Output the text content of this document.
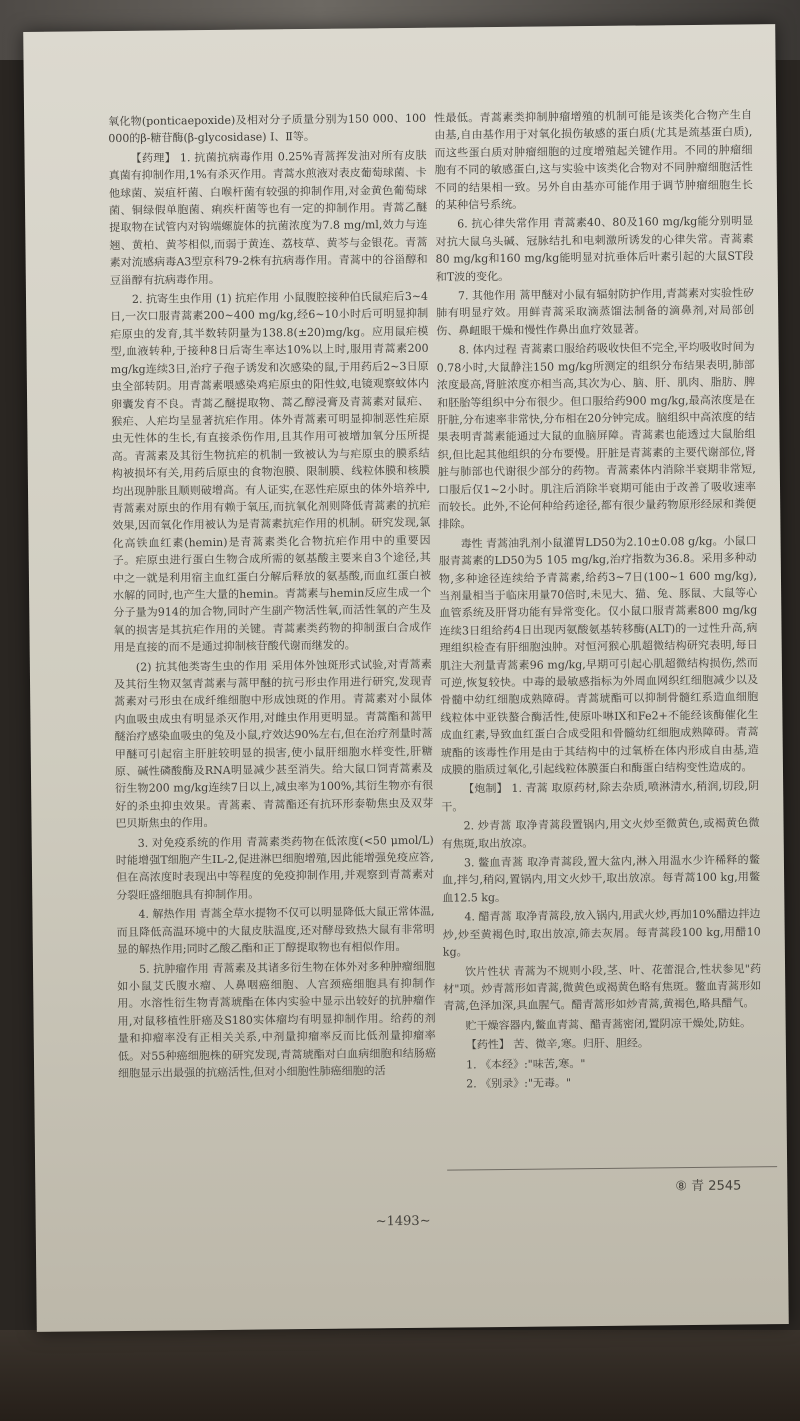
氧化物(ponticaepoxide)及相对分子质量分别为150 000、100 000的β-糖苷酶(β-glycosidase) Ⅰ、Ⅱ等。

【药理】 1. 抗菌抗病毒作用 0.25%青蒿挥发油对所有皮肤真菌有抑制作用,1%有杀灭作用。青蒿水煎液对表皮葡萄球菌、卡他球菌、炭疽杆菌、白喉杆菌有较强的抑制作用,对金黄色葡萄球菌、铜绿假单胞菌、痢疾杆菌等也有一定的抑制作用。青蒿乙醚提取物在试管内对钩端螺旋体的抗菌浓度为7.8 mg/ml,效力与连翘、黄柏、黄芩相似,而弱于黄连、荔枝草、黄芩与金银花。青蒿素对流感病毒A3型京科79-2株有抗病毒作用。青蒿中的谷甾醇和豆甾醇有抗病毒作用。

2. 抗寄生虫作用 (1) 抗疟作用 小鼠腹腔接种伯氏鼠疟后3~4日,一次口服青蒿素200~400 mg/kg,经6~10小时后可明显抑制疟原虫的发育,其半数转阴量为138.8(±20)mg/kg。应用鼠疟模型,血液转种,于接种8日后寄生率达10%以上时,服用青蒿素200 mg/kg连续3日,治疗子孢子诱发和次感染的鼠,于用药后2~3日原虫全部转阴。用青蒿素喂感染鸡疟原虫的阳性蚊,电镜观察蚊体内卵囊发育不良。青蒿乙醚提取物、蒿乙醇浸膏及青蒿素对鼠疟、猴疟、人疟均呈显著抗疟作用。体外青蒿素可明显抑制恶性疟原虫无性体的生长,有直接杀伤作用,且其作用可被增加氧分压所提高。青蒿素及其衍生物抗疟的机制一致被认为与疟原虫的膜系结构被损坏有关,用药后原虫的食物泡膜、限制膜、线粒体膜和核膜均出现肿胀且顺则破增高。有人证实,在恶性疟原虫的体外培养中,青蒿素对原虫的作用有赖于氧压,而抗氧化剂则降低青蒿素的抗疟效果,因而氧化作用被认为是青蒿素抗疟作用的机制。研究发现,氯化高铁血红素(hemin)是青蒿素类化合物抗疟作用中的重要因子。疟原虫进行蛋白生物合成所需的氨基酸主要来自3个途径,其中之一就是利用宿主血红蛋白分解后释放的氨基酸,而血红蛋白被水解的同时,也产生大量的hemin。青蒿素与hemin反应生成一个分子量为914的加合物,同时产生副产物活性氧,而活性氧的产生及氧的损害是其抗疟作用的关键。青蒿素类药物的抑制蛋白合成作用是直接的而不是通过抑制核苷酸代谢而继发的。

(2) 抗其他类寄生虫的作用 采用体外蚀斑形式试验,对青蒿素及其衍生物双氢青蒿素与蒿甲醚的抗弓形虫作用进行研究,发现青蒿素对弓形虫在成纤维细胞中形成蚀斑的作用。青蒿素对小鼠体内血吸虫成虫有明显杀灭作用,对雌虫作用更明显。青蒿酯和蒿甲醚治疗感染血吸虫的兔及小鼠,疗效达90%左右,但在治疗剂量时蒿甲醚可引起宿主肝脏较明显的损害,使小鼠肝细胞水样变性,肝糖原、碱性磷酸酶及RNA明显减少甚至消失。给大鼠口饲青蒿素及衍生物200 mg/kg连续7日以上,减虫率为100%,其衍生物亦有很好的杀虫抑虫效果。青蒿素、青蒿酯还有抗环形泰勒焦虫及双芽巴贝斯焦虫的作用。

3. 对免疫系统的作用 青蒿素类药物在低浓度(<50 μmol/L)时能增强T细胞产生IL-2,促进淋巴细胞增殖,因此能增强免疫应答,但在高浓度时表现出中等程度的免疫抑制作用,并观察到青蒿素对分裂旺盛细胞具有抑制作用。

4. 解热作用 青蒿全草水提物不仅可以明显降低大鼠正常体温,而且降低高温环境中的大鼠皮肤温度,还对酵母致热大鼠有非常明显的解热作用;同时乙酸乙酯和正丁醇提取物也有相似作用。

5. 抗肿瘤作用 青蒿素及其诸多衍生物在体外对多种肿瘤细胞如小鼠艾氏腹水瘤、人鼻咽癌细胞、人宫颈癌细胞具有抑制作用。水溶性衍生物青蒿琥酯在体内实验中显示出较好的抗肿瘤作用,对鼠移植性肝癌及S180实体瘤均有明显抑制作用。给药的剂量和抑瘤率没有正相关关系,中剂量抑瘤率反而比低剂量抑瘤率低。对55种癌细胞株的研究发现,青蒿琥酯对白血病细胞和结肠癌细胞显示出最强的抗癌活性,但对小细胞性肺癌细胞的活

性最低。青蒿素类抑制肿瘤增殖的机制可能是该类化合物产生自由基,自由基作用于对氧化损伤敏感的蛋白质(尤其是巯基蛋白质),而这些蛋白质对肿瘤细胞的过度增殖起关键作用。不同的肿瘤细胞有不同的敏感蛋白,这与实验中该类化合物对不同肿瘤细胞活性不同的结果相一致。另外自由基亦可能作用于调节肿瘤细胞生长的某种信号系统。

6. 抗心律失常作用 青蒿素40、80及160 mg/kg能分别明显对抗大鼠乌头碱、冠脉结扎和电刺激所诱发的心律失常。青蒿素80 mg/kg和160 mg/kg能明显对抗垂体后叶素引起的大鼠ST段和T波的变化。

7. 其他作用 蒿甲醚对小鼠有辐射防护作用,青蒿素对实验性矽肺有明显疗效。用鲜青蒿采取滴蒸馏法制备的滴鼻剂,对局部创伤、鼻衄眼干燥和慢性作鼻出血疗效显著。

8. 体内过程 青蒿素口服给药吸收快但不完全,平均吸收时间为0.78小时,大鼠静注150 mg/kg所测定的组织分布结果表明,肺部浓度最高,肾脏浓度亦相当高,其次为心、脑、肝、肌肉、脂肪、脾和胚胎等组织中分布很少。但口服给药900 mg/kg,最高浓度是在肝脏,分布速率非常快,分布相在20分钟完成。脑组织中高浓度的结果表明青蒿素能通过大鼠的血脑屏障。青蒿素也能透过大鼠胎组织,但比起其他组织的分布要慢。肝脏是青蒿素的主要代谢部位,肾脏与肺部也代谢很少部分的药物。青蒿素体内消除半衰期非常短,口服后仅1~2小时。肌注后消除半衰期可能由于改善了吸收速率而较长。此外,不论何种给药途径,都有很少量药物原形经尿和粪便排除。

毒性 青蒿油乳剂小鼠灌胃LD50为2.10±0.08 g/kg。小鼠口服青蒿素的LD50为5 105 mg/kg,治疗指数为36.8。采用多种动物,多种途径连续给予青蒿素,给药3~7日(100~1 600 mg/kg),当剂量相当于临床用量70倍时,未见大、猫、兔、豚鼠、大鼠等心血管系统及肝肾功能有异常变化。仅小鼠口服青蒿素800 mg/kg连续3日组给药4日出现丙氨酸氨基转移酶(ALT)的一过性升高,病理组织检查有肝细胞浊肿。对恒河猴心肌超微结构研究表明,每日肌注大剂量青蒿素96 mg/kg,早期可引起心肌超微结构损伤,然而可逆,恢复较快。中毒的最敏感指标为外周血网织红细胞减少以及骨髓中幼红细胞成熟障碍。青蒿琥酯可以抑制骨髓红系造血细胞线粒体中亚铁螯合酶活性,使原卟啉IX和Fe2+不能经该酶催化生成血红素,导致血红蛋白合成受阻和骨髓幼红细胞成熟障碍。青蒿琥酯的该毒性作用是由于其结构中的过氧桥在体内形成自由基,造成膜的脂质过氧化,引起线粒体膜蛋白和酶蛋白结构变性造成的。

【炮制】 1. 青蒿 取原药材,除去杂质,喷淋清水,稍润,切段,阴干。

2. 炒青蒿 取净青蒿段置锅内,用文火炒至微黄色,或褐黄色微有焦斑,取出放凉。

3. 鳖血青蒿 取净青蒿段,置大盆内,淋入用温水少许稀释的鳖血,拌匀,稍闷,置锅内,用文火炒干,取出放凉。每青蒿100 kg,用鳖血12.5 kg。

4. 醋青蒿 取净青蒿段,放入锅内,用武火炒,再加10%醋边拌边炒,炒至黄褐色时,取出放凉,筛去灰屑。每青蒿段100 kg,用醋10 kg。

饮片性状 青蒿为不规则小段,茎、叶、花蕾混合,性状参见"药材"项。炒青蒿形如青蒿,微黄色或褐黄色略有焦斑。鳖血青蒿形如青蒿,色泽加深,具血腥气。醋青蒿形如炒青蒿,黄褐色,略具醋气。

贮干燥容器内,鳖血青蒿、醋青蒿密闭,置阴凉干燥处,防蛀。

【药性】 苦、微辛,寒。归肝、胆经。

1. 《本经》:"味苦,寒。"

2. 《别录》:"无毒。"

⑧ 青 2545
~1493~
